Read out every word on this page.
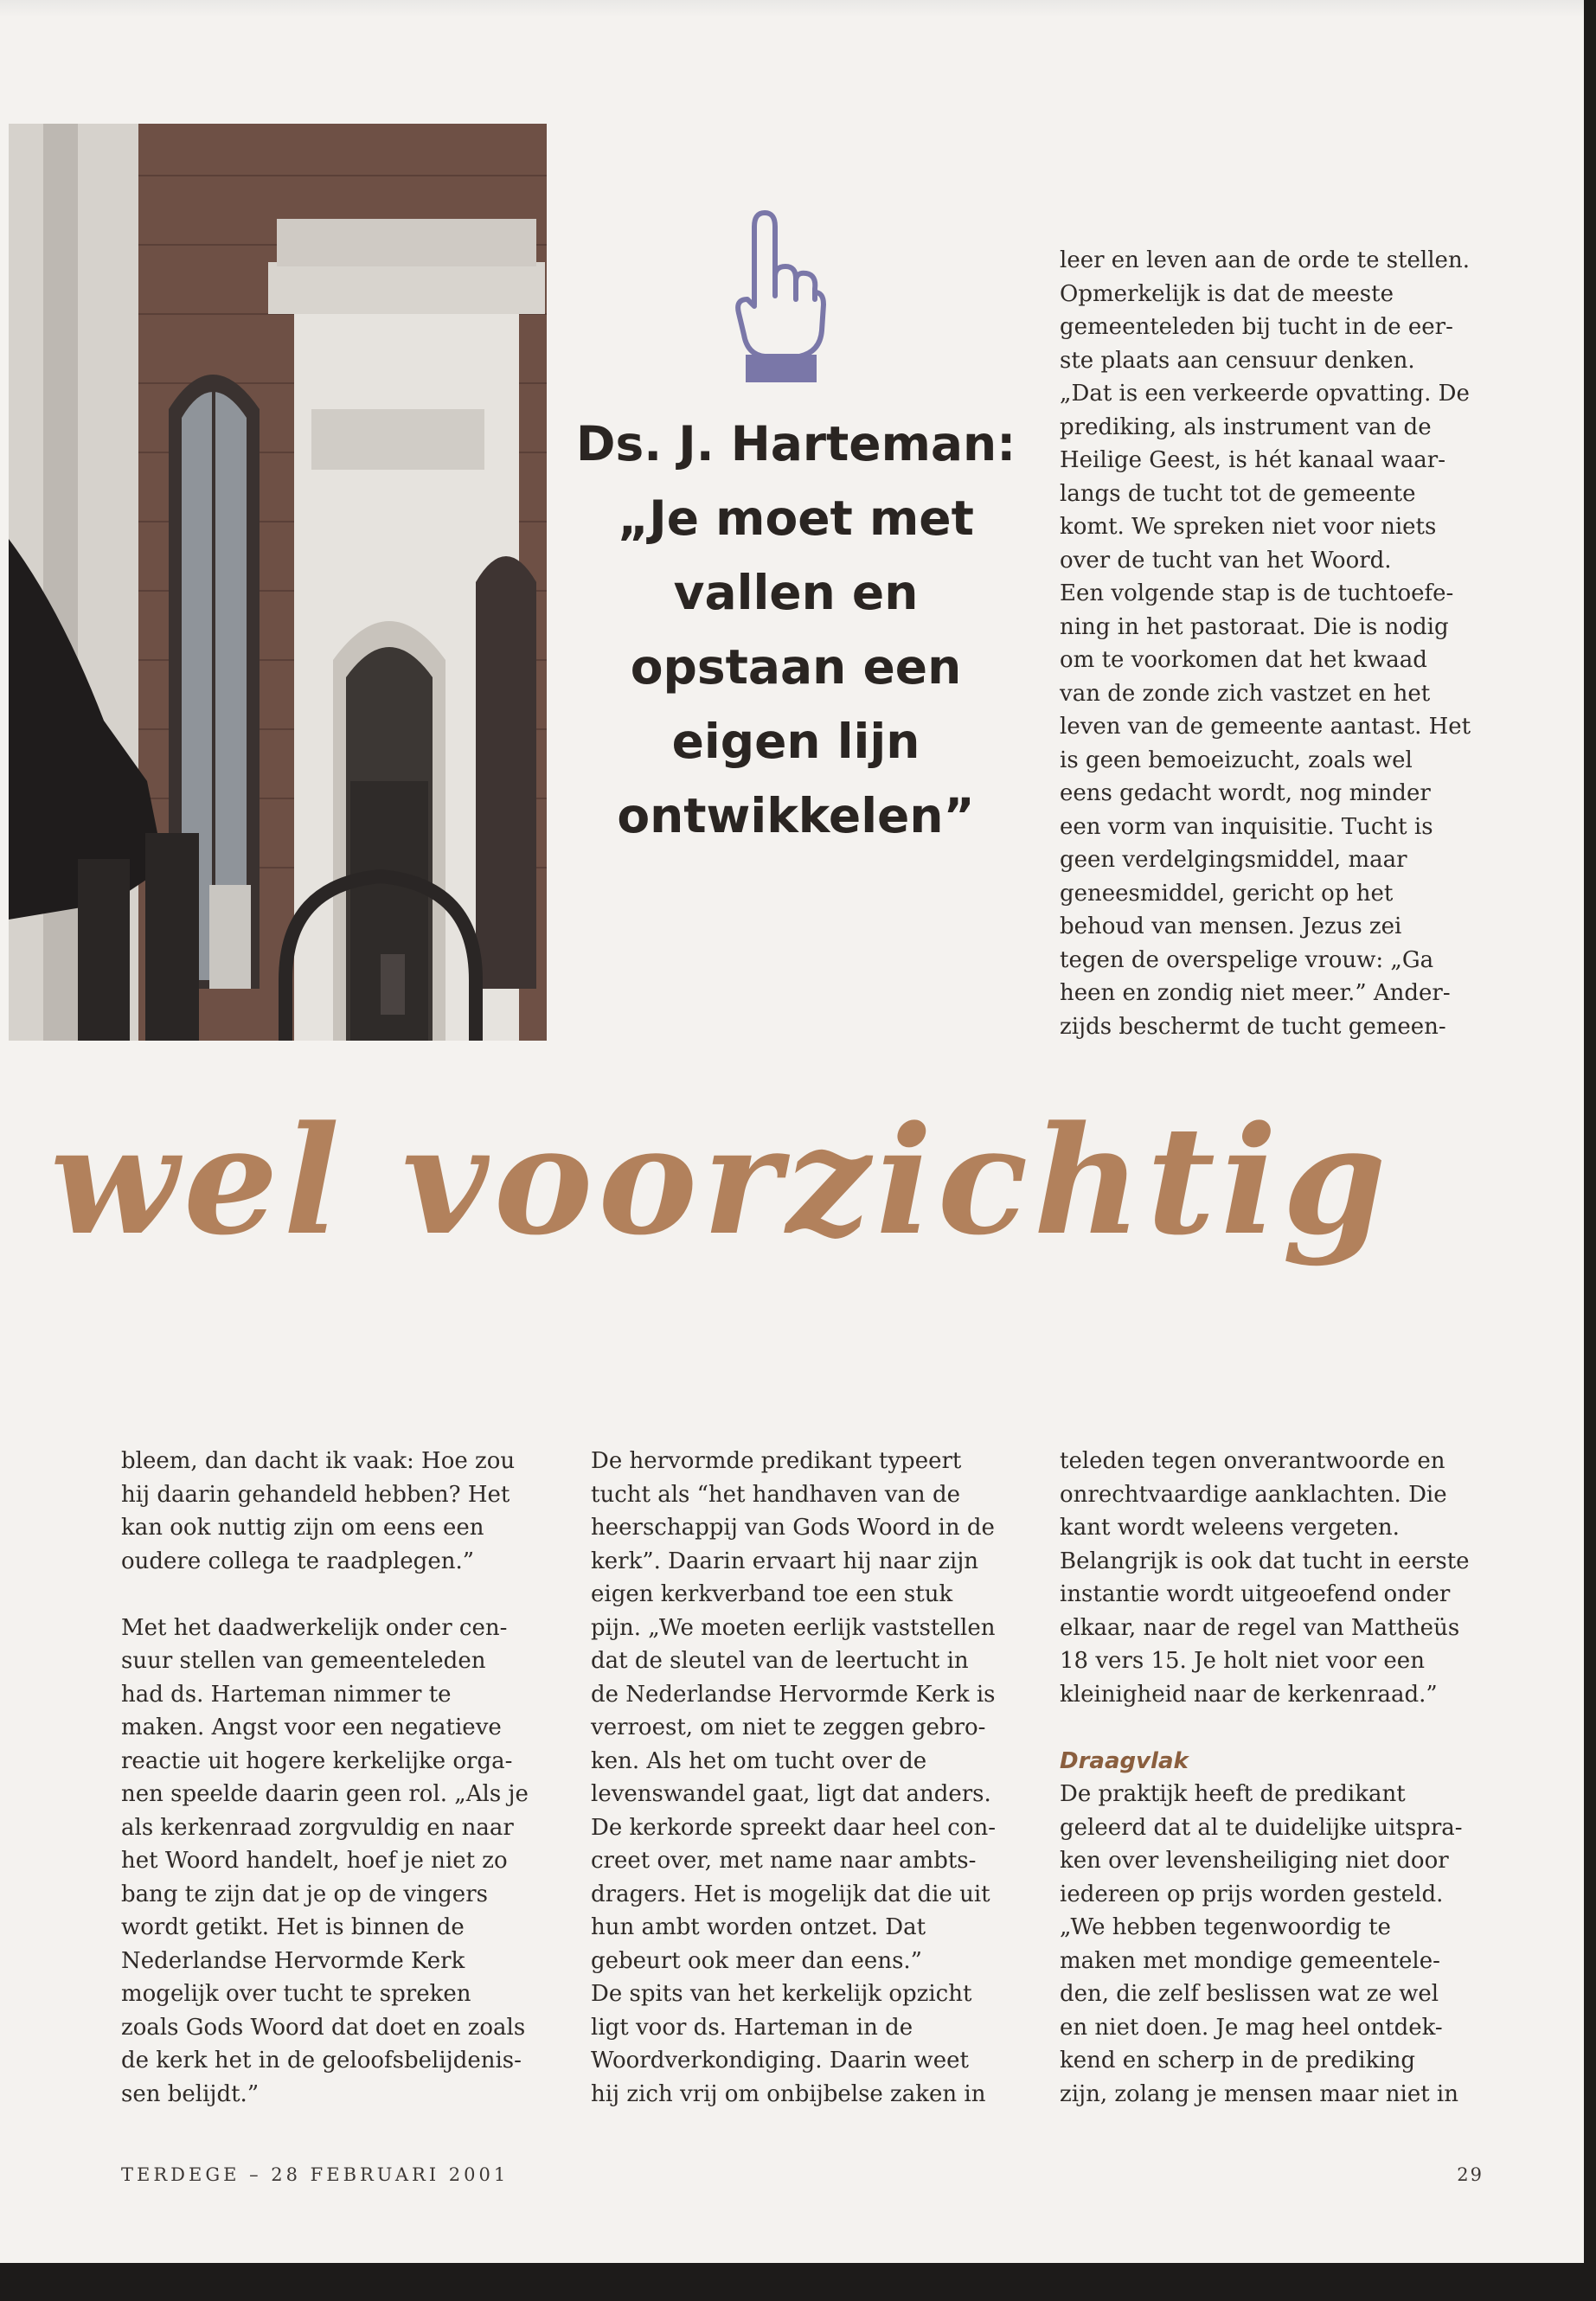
Ds. J. Harteman:
„Je moet met
vallen en
opstaan een
eigen lijn
ontwikkelen”
leer en leven aan de orde te stellen.
Opmerkelijk is dat de meeste
gemeenteleden bij tucht in de eer-
ste plaats aan censuur denken.
„Dat is een verkeerde opvatting. De
prediking, als instrument van de
Heilige Geest, is hét kanaal waar-
langs de tucht tot de gemeente
komt. We spreken niet voor niets
over de tucht van het Woord.
Een volgende stap is de tuchtoefe-
ning in het pastoraat. Die is nodig
om te voorkomen dat het kwaad
van de zonde zich vastzet en het
leven van de gemeente aantast. Het
is geen bemoeizucht, zoals wel
eens gedacht wordt, nog minder
een vorm van inquisitie. Tucht is
geen verdelgingsmiddel, maar
geneesmiddel, gericht op het
behoud van mensen. Jezus zei
tegen de overspelige vrouw: „Ga
heen en zondig niet meer.” Ander-
zijds beschermt de tucht gemeen-
wel voorzichtig
bleem, dan dacht ik vaak: Hoe zou
hij daarin gehandeld hebben? Het
kan ook nuttig zijn om eens een
oudere collega te raadplegen.”
Met het daadwerkelijk onder cen-
suur stellen van gemeenteleden
had ds. Harteman nimmer te
maken. Angst voor een negatieve
reactie uit hogere kerkelijke orga-
nen speelde daarin geen rol. „Als je
als kerkenraad zorgvuldig en naar
het Woord handelt, hoef je niet zo
bang te zijn dat je op de vingers
wordt getikt. Het is binnen de
Nederlandse Hervormde Kerk
mogelijk over tucht te spreken
zoals Gods Woord dat doet en zoals
de kerk het in de geloofsbelijdenis-
sen belijdt.”
De hervormde predikant typeert
tucht als “het handhaven van de
heerschappij van Gods Woord in de
kerk”. Daarin ervaart hij naar zijn
eigen kerkverband toe een stuk
pijn. „We moeten eerlijk vaststellen
dat de sleutel van de leertucht in
de Nederlandse Hervormde Kerk is
verroest, om niet te zeggen gebro-
ken. Als het om tucht over de
levenswandel gaat, ligt dat anders.
De kerkorde spreekt daar heel con-
creet over, met name naar ambts-
dragers. Het is mogelijk dat die uit
hun ambt worden ontzet. Dat
gebeurt ook meer dan eens.”
De spits van het kerkelijk opzicht
ligt voor ds. Harteman in de
Woordverkondiging. Daarin weet
hij zich vrij om onbijbelse zaken in
teleden tegen onverantwoorde en
onrechtvaardige aanklachten. Die
kant wordt weleens vergeten.
Belangrijk is ook dat tucht in eerste
instantie wordt uitgeoefend onder
elkaar, naar de regel van Mattheüs
18 vers 15. Je holt niet voor een
kleinigheid naar de kerkenraad.”
Draagvlak
De praktijk heeft de predikant
geleerd dat al te duidelijke uitspra-
ken over levensheiliging niet door
iedereen op prijs worden gesteld.
„We hebben tegenwoordig te
maken met mondige gemeentele-
den, die zelf beslissen wat ze wel
en niet doen. Je mag heel ontdek-
kend en scherp in de prediking
zijn, zolang je mensen maar niet in
TERDEGE – 28 FEBRUARI 2001	29
